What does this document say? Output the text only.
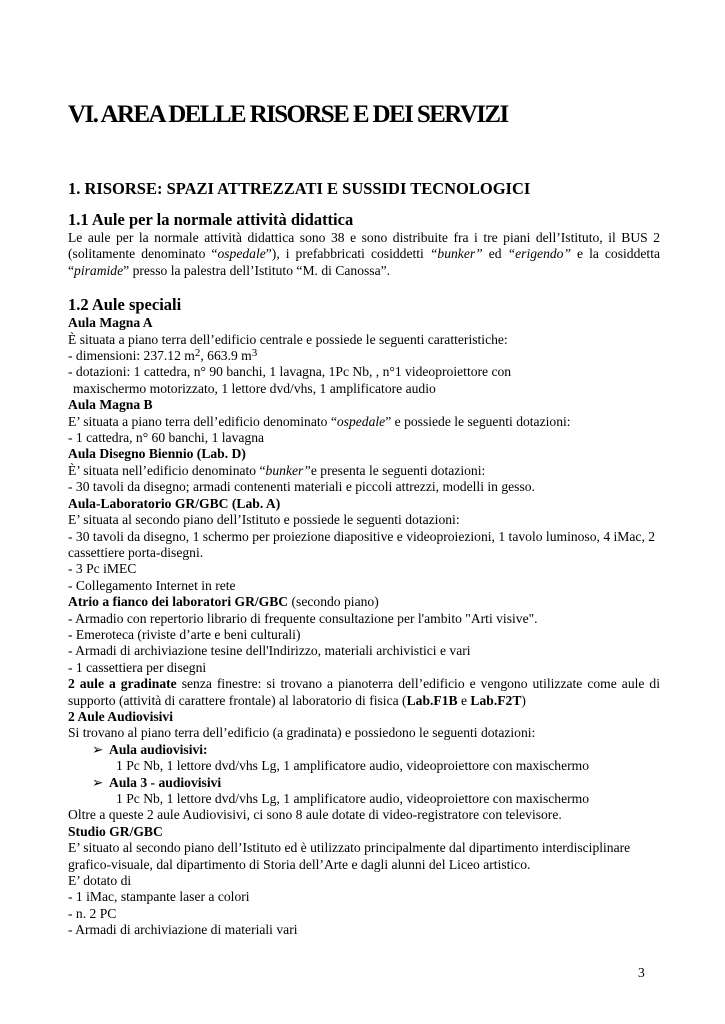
VI. AREA DELLE RISORSE E DEI SERVIZI
1. RISORSE: SPAZI ATTREZZATI E SUSSIDI TECNOLOGICI

1.1 Aule per la normale attività didattica

Le aule per la normale attività didattica sono 38 e sono distribuite fra i tre piani dell’Istituto, il BUS 2 (solitamente denominato “ospedale”), i prefabbricati cosiddetti “bunker” ed “erigendo” e la cosiddetta “piramide” presso la palestra dell’Istituto “M. di Canossa”.

1.2 Aule speciali

Aula Magna A

È situata a piano terra dell’edificio centrale e possiede le seguenti caratteristiche:

- dimensioni: 237.12 $m^2$, 663.9 $m^3$

- dotazioni: 1 cattedra, n° 90 banchi, 1 lavagna, 1Pc Nb, , n°1 videoproiettore con

maxischermo motorizzato, 1 lettore dvd/vhs, 1 amplificatore audio

Aula Magna B

E’ situata a piano terra dell’edificio denominato “ospedale” e possiede le seguenti dotazioni:

- 1 cattedra, n° 60 banchi, 1 lavagna

Aula Disegno Biennio (Lab. D)

È’ situata nell’edificio denominato “bunker”e presenta le seguenti dotazioni:

- 30 tavoli da disegno; armadi contenenti materiali e piccoli attrezzi, modelli in gesso.

Aula-Laboratorio GR/GBC (Lab. A)

E’ situata al secondo piano dell’Istituto e possiede le seguenti dotazioni:

- 30 tavoli da disegno, 1 schermo per proiezione diapositive e videoproiezioni, 1 tavolo luminoso, 4 iMac, 2 cassettiere porta-disegni.

- 3 Pc iMEC

- Collegamento Internet in rete

Atrio a fianco dei laboratori GR/GBC (secondo piano)

- Armadio con repertorio librario di frequente consultazione per l'ambito "Arti visive".

- Emeroteca (riviste d’arte e beni culturali)

- Armadi di archiviazione tesine dell'Indirizzo, materiali archivistici e vari

- 1 cassettiera per disegni

2 aule a gradinate senza finestre: si trovano a pianoterra dell’edificio e vengono utilizzate come aule di supporto (attività di carattere frontale) al laboratorio di fisica (Lab.F1B e Lab.F2T)

2 Aule Audiovisivi

Si trovano al piano terra dell’edificio (a gradinata) e possiedono le seguenti dotazioni:

➢ Aula audiovisivi:

1 Pc Nb, 1 lettore dvd/vhs Lg, 1 amplificatore audio, videoproiettore con maxischermo

➢ Aula 3 - audiovisivi

1 Pc Nb, 1 lettore dvd/vhs Lg, 1 amplificatore audio, videoproiettore con maxischermo

Oltre a queste 2 aule Audiovisivi, ci sono 8 aule dotate di video-registratore con televisore.

Studio GR/GBC

E’ situato al secondo piano dell’Istituto ed è utilizzato principalmente dal dipartimento interdisciplinare grafico-visuale, dal dipartimento di Storia dell’Arte e dagli alunni del Liceo artistico.

E’ dotato di

- 1 iMac, stampante laser a colori

- n. 2 PC

- Armadi di archiviazione di materiali vari

3
